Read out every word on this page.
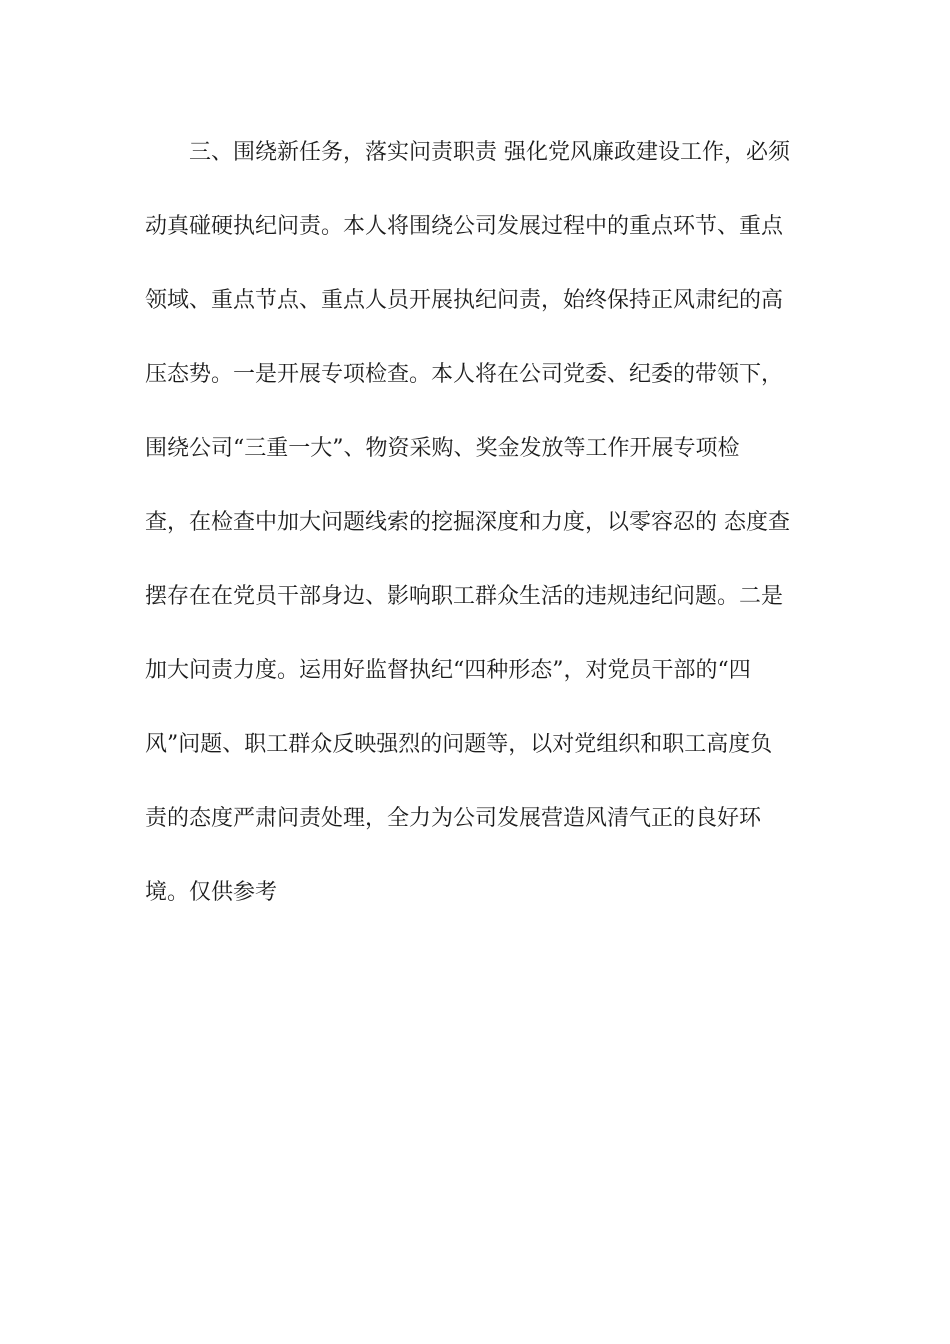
三、围绕新任务，落实问责职责 强化党风廉政建设工作，必须
动真碰硬执纪问责。本人将围绕公司发展过程中的重点环节、重点
领域、重点节点、重点人员开展执纪问责，始终保持正风肃纪的高
压态势。一是开展专项检查。本人将在公司党委、纪委的带领下，
围绕公司“三重一大”、物资采购、奖金发放等工作开展专项检
查，在检查中加大问题线索的挖掘深度和力度，以零容忍的 态度查
摆存在在党员干部身边、影响职工群众生活的违规违纪问题。二是
加大问责力度。运用好监督执纪“四种形态”，对党员干部的“四
风”问题、职工群众反映强烈的问题等，以对党组织和职工高度负
责的态度严肃问责处理，全力为公司发展营造风清气正的良好环
境。仅供参考
